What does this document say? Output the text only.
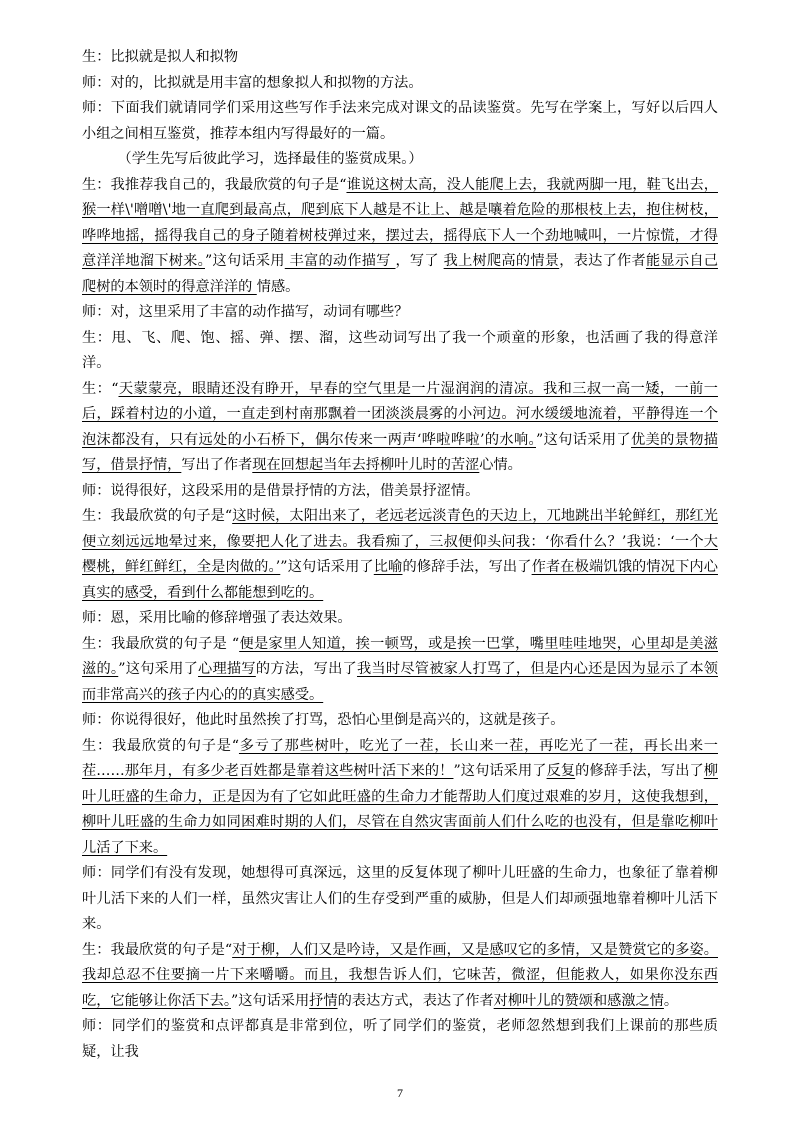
生：比拟就是拟人和拟物

师：对的，比拟就是用丰富的想象拟人和拟物的方法。

师：下面我们就请同学们采用这些写作手法来完成对课文的品读鉴赏。先写在学案上，写好以后四人小组之间相互鉴赏，推荐本组内写得最好的一篇。

（学生先写后彼此学习，选择最佳的鉴赏成果。）

生：我推荐我自己的，我最欣赏的句子是“谁说这树太高，没人能爬上去，我就两脚一甩，鞋飞出去，猴一样\'噌噌\'地一直爬到最高点，爬到底下人越是不让上、越是嚷着危险的那根枝上去，抱住树枝，哗哗地摇，摇得我自己的身子随着树枝弹过来，摆过去，摇得底下人一个劲地喊叫，一片惊慌，才得意洋洋地溜下树来。”这句话采用 丰富的动作描写 ，写了 我上树爬高的情景，表达了作者能显示自己爬树的本领时的得意洋洋的 情感。

师：对，这里采用了丰富的动作描写，动词有哪些？

生：甩、飞、爬、饱、摇、弹、摆、溜，这些动词写出了我一个顽童的形象，也活画了我的得意洋洋。

生：“天蒙蒙亮，眼睛还没有睁开，早春的空气里是一片湿润润的清凉。我和三叔一高一矮，一前一后，踩着村边的小道，一直走到村南那飘着一团淡淡晨雾的小河边。河水缓缓地流着，平静得连一个泡沫都没有，只有远处的小石桥下，偶尔传来一两声‘哗啦哗啦’的水响。”这句话采用了优美的景物描写，借景抒情，写出了作者现在回想起当年去捋柳叶儿时的苦涩心情。

师：说得很好，这段采用的是借景抒情的方法，借美景抒涩情。

生：我最欣赏的句子是“这时候，太阳出来了，老远老远淡青色的天边上，兀地跳出半轮鲜红，那红光便立刻远远地晕过来，像要把人化了进去。我看痴了，三叔便仰头问我：‘你看什么？’我说：‘一个大樱桃，鲜红鲜红，全是肉做的。’”这句话采用了比喻的修辞手法，写出了作者在极端饥饿的情况下内心真实的感受，看到什么都能想到吃的。

师：恩，采用比喻的修辞增强了表达效果。

生：我最欣赏的句子是 “便是家里人知道，挨一顿骂，或是挨一巴掌，嘴里哇哇地哭，心里却是美滋滋的。”这句采用了心理描写的方法，写出了我当时尽管被家人打骂了，但是内心还是因为显示了本领而非常高兴的孩子内心的的真实感受。

师：你说得很好，他此时虽然挨了打骂，恐怕心里倒是高兴的，这就是孩子。

生：我最欣赏的句子是“多亏了那些树叶，吃光了一茬，长山来一茬，再吃光了一茬，再长出来一茬……那年月，有多少老百姓都是靠着这些树叶活下来的！”这句话采用了反复的修辞手法，写出了柳叶儿旺盛的生命力，正是因为有了它如此旺盛的生命力才能帮助人们度过艰难的岁月，这使我想到，柳叶儿旺盛的生命力如同困难时期的人们，尽管在自然灾害面前人们什么吃的也没有，但是靠吃柳叶儿活了下来。

师：同学们有没有发现，她想得可真深远，这里的反复体现了柳叶儿旺盛的生命力，也象征了靠着柳叶儿活下来的人们一样，虽然灾害让人们的生存受到严重的威胁，但是人们却顽强地靠着柳叶儿活下来。

生：我最欣赏的句子是“对于柳，人们又是吟诗，又是作画，又是感叹它的多情，又是赞赏它的多姿。我却总忍不住要摘一片下来嚼嚼。而且，我想告诉人们，它味苦，微涩，但能救人，如果你没东西吃，它能够让你活下去。”这句话采用抒情的表达方式，表达了作者对柳叶儿的赞颂和感激之情。

师：同学们的鉴赏和点评都真是非常到位，听了同学们的鉴赏，老师忽然想到我们上课前的那些质疑，让我

7
